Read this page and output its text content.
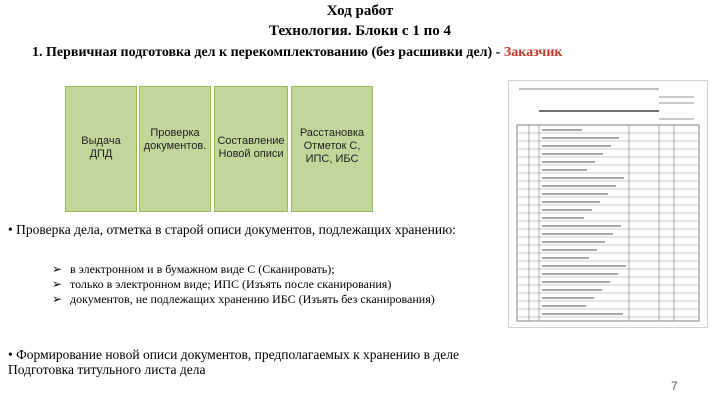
Ход работ
Технология. Блоки с 1 по 4
1. Первичная подготовка дел к перекомплектованию (без расшивки дел) - Заказчик
Выдача
ДПД
Проверка
документов. Составление
Новой описи
Расстановка
Отметок С,
ИПС, ИБС
• Проверка дела, отметка в старой описи документов, подлежащих хранению:
➢ в электронном и в бумажном виде С (Сканировать);
➢ только в электронном виде; ИПС (Изъять после сканирования)
➢ документов, не подлежащих хранению ИБС (Изъять без сканирования)
• Формирование новой описи документов, предполагаемых к хранению в деле Подготовка титульного листа дела
7
